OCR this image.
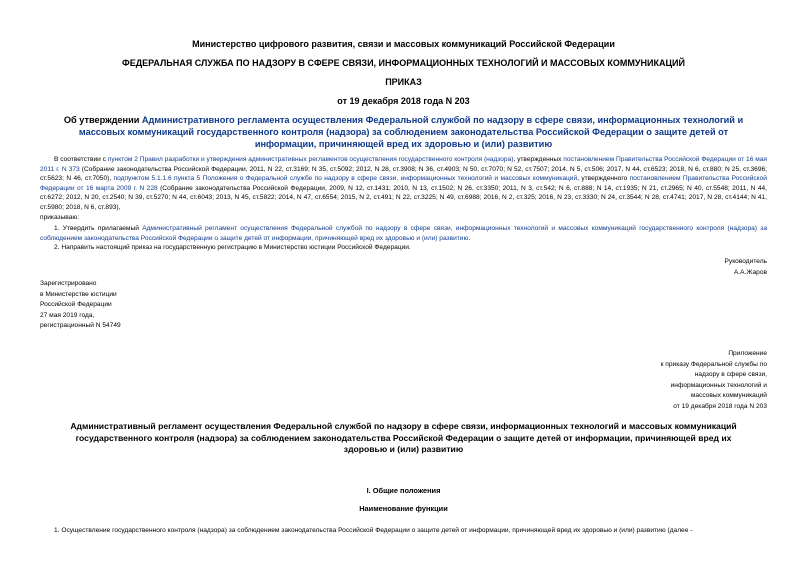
Министерство цифрового развития, связи и массовых коммуникаций Российской Федерации
ФЕДЕРАЛЬНАЯ СЛУЖБА ПО НАДЗОРУ В СФЕРЕ СВЯЗИ, ИНФОРМАЦИОННЫХ ТЕХНОЛОГИЙ И МАССОВЫХ КОММУНИКАЦИЙ
ПРИКАЗ
от 19 декабря 2018 года N 203
Об утверждении Административного регламента осуществления Федеральной службой по надзору в сфере связи, информационных технологий и массовых коммуникаций государственного контроля (надзора) за соблюдением законодательства Российской Федерации о защите детей от информации, причиняющей вред их здоровью и (или) развитию

В соответствии с пунктом 2 Правил разработки и утверждения административных регламентов осуществления государственного контроля (надзора), утвержденных постановлением Правительства Российской Федерации от 16 мая 2011 г. N 373 (Собрание законодательства Российской Федерации, 2011, N 22, ст.3169; N 35, ст.5092; 2012, N 28, ст.3908; N 36, ст.4903; N 50, ст.7070; N 52, ст.7507; 2014, N 5, ст.506; 2017, N 44, ст.6523; 2018, N 6, ст.880; N 25, ст.3696; ст.5623; N 46, ст.7050), подпунктом 5.1.1.6 пункта 5 Положения о Федеральной службе по надзору в сфере связи, информационных технологий и массовых коммуникаций, утвержденного постановлением Правительства Российской Федерации от 16 марта 2009 г. N 228 (Собрание законодательства Российской Федерации, 2009, N 12, ст.1431; 2010, N 13, ст.1502; N 26, ст.3350; 2011, N 3, ст.542; N 6, ст.888; N 14, ст.1935; N 21, ст.2965; N 40, ст.5548; 2011, N 44, ст.6272; 2012, N 20, ст.2540; N 39, ст.5270; N 44, ст.6043; 2013, N 45, ст.5822; 2014, N 47, ст.6554; 2015, N 2, ст.491; N 22, ст.3225; N 49, ст.6988; 2016, N 2, ст.325; 2016, N 23, ст.3330; N 24, ст.3544; N 28, ст.4741; 2017, N 28, ст.4144; N 41, ст.5980; 2018, N 6, ст.893),

приказываю:

1. Утвердить прилагаемый Административный регламент осуществления Федеральной службой по надзору в сфере связи, информационных технологий и массовых коммуникаций государственного контроля (надзора) за соблюдением законодательства Российской Федерации о защите детей от информации, причиняющей вред их здоровью и (или) развитию.

2. Направить настоящий приказ на государственную регистрацию в Министерство юстиции Российской Федерации.

Руководитель
А.А.Жаров
Зарегистрировано
в Министерстве юстиции
Российской Федерации
27 мая 2019 года,
регистрационный N 54749
Приложение
к приказу Федеральной службы по
надзору в сфере связи,
информационных технологий и
массовых коммуникаций
от 19 декабря 2018 года N 203
Административный регламент осуществления Федеральной службой по надзору в сфере связи, информационных технологий и массовых коммуникаций государственного контроля (надзора) за соблюдением законодательства Российской Федерации о защите детей от информации, причиняющей вред их здоровью и (или) развитию
I. Общие положения
Наименование функции

1. Осуществление государственного контроля (надзора) за соблюдением законодательства Российской Федерации о защите детей от информации, причиняющей вред их здоровью и (или) развитию (далее -
